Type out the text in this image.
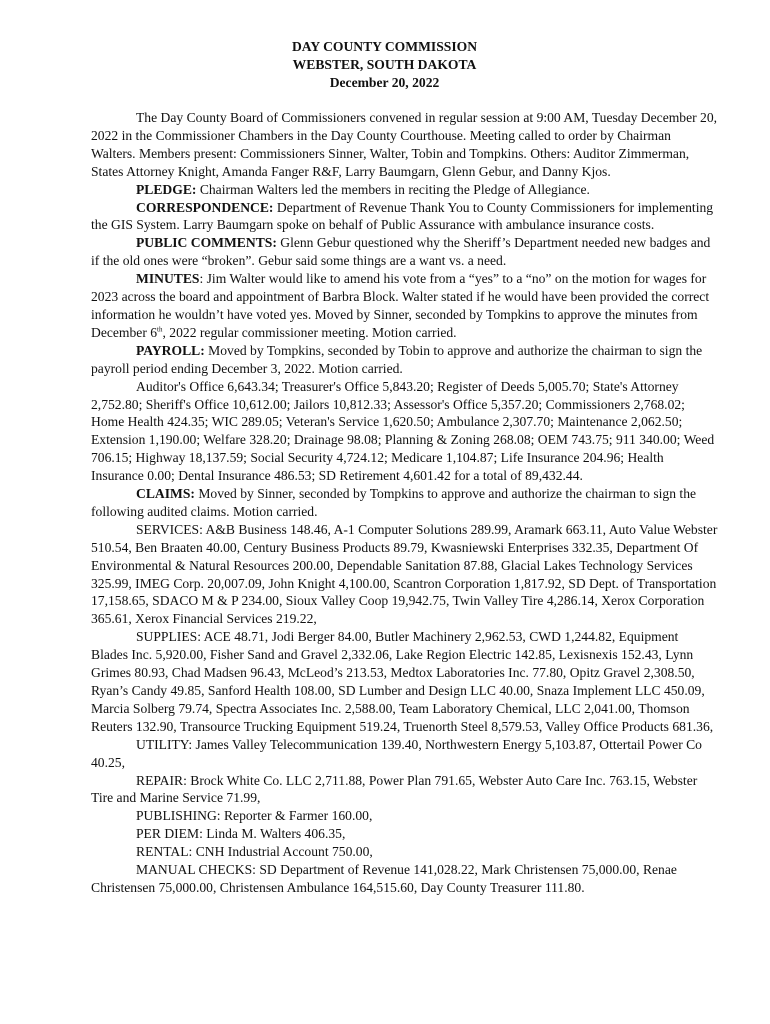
DAY COUNTY COMMISSION
WEBSTER, SOUTH DAKOTA
December 20, 2022

The Day County Board of Commissioners convened in regular session at 9:00 AM, Tuesday December 20, 2022 in the Commissioner Chambers in the Day County Courthouse. Meeting called to order by Chairman Walters. Members present: Commissioners Sinner, Walter, Tobin and Tompkins. Others: Auditor Zimmerman, States Attorney Knight, Amanda Fanger R&F, Larry Baumgarn, Glenn Gebur, and Danny Kjos.

PLEDGE: Chairman Walters led the members in reciting the Pledge of Allegiance.

CORRESPONDENCE: Department of Revenue Thank You to County Commissioners for implementing the GIS System. Larry Baumgarn spoke on behalf of Public Assurance with ambulance insurance costs.

PUBLIC COMMENTS: Glenn Gebur questioned why the Sheriff’s Department needed new badges and if the old ones were “broken”. Gebur said some things are a want vs. a need.

MINUTES: Jim Walter would like to amend his vote from a “yes” to a “no” on the motion for wages for 2023 across the board and appointment of Barbra Block. Walter stated if he would have been provided the correct information he wouldn’t have voted yes. Moved by Sinner, seconded by Tompkins to approve the minutes from December 6th, 2022 regular commissioner meeting. Motion carried.

PAYROLL: Moved by Tompkins, seconded by Tobin to approve and authorize the chairman to sign the payroll period ending December 3, 2022. Motion carried.

Auditor's Office 6,643.34; Treasurer's Office 5,843.20; Register of Deeds 5,005.70; State's Attorney 2,752.80; Sheriff's Office 10,612.00; Jailors 10,812.33; Assessor's Office 5,357.20; Commissioners 2,768.02; Home Health 424.35; WIC 289.05; Veteran's Service 1,620.50; Ambulance 2,307.70; Maintenance 2,062.50; Extension 1,190.00; Welfare 328.20; Drainage 98.08; Planning & Zoning 268.08; OEM 743.75; 911 340.00; Weed 706.15; Highway 18,137.59; Social Security 4,724.12; Medicare 1,104.87; Life Insurance 204.96; Health Insurance 0.00; Dental Insurance 486.53; SD Retirement 4,601.42 for a total of 89,432.44.

CLAIMS: Moved by Sinner, seconded by Tompkins to approve and authorize the chairman to sign the following audited claims. Motion carried.

SERVICES: A&B Business 148.46, A-1 Computer Solutions 289.99, Aramark 663.11, Auto Value Webster 510.54, Ben Braaten 40.00, Century Business Products 89.79, Kwasniewski Enterprises 332.35, Department Of Environmental & Natural Resources 200.00, Dependable Sanitation 87.88, Glacial Lakes Technology Services 325.99, IMEG Corp. 20,007.09, John Knight 4,100.00, Scantron Corporation 1,817.92, SD Dept. of Transportation 17,158.65, SDACO M & P 234.00, Sioux Valley Coop 19,942.75, Twin Valley Tire 4,286.14, Xerox Corporation 365.61, Xerox Financial Services 219.22,

SUPPLIES: ACE 48.71, Jodi Berger 84.00, Butler Machinery 2,962.53, CWD 1,244.82, Equipment Blades Inc. 5,920.00, Fisher Sand and Gravel 2,332.06, Lake Region Electric 142.85, Lexisnexis 152.43, Lynn Grimes 80.93, Chad Madsen 96.43, McLeod’s 213.53, Medtox Laboratories Inc. 77.80, Opitz Gravel 2,308.50, Ryan’s Candy 49.85, Sanford Health 108.00, SD Lumber and Design LLC 40.00, Snaza Implement LLC 450.09, Marcia Solberg 79.74, Spectra Associates Inc. 2,588.00, Team Laboratory Chemical, LLC 2,041.00, Thomson Reuters 132.90, Transource Trucking Equipment 519.24, Truenorth Steel 8,579.53, Valley Office Products 681.36,

UTILITY: James Valley Telecommunication 139.40, Northwestern Energy 5,103.87, Ottertail Power Co 40.25,

REPAIR: Brock White Co. LLC 2,711.88, Power Plan 791.65, Webster Auto Care Inc. 763.15, Webster Tire and Marine Service 71.99,

PUBLISHING: Reporter & Farmer 160.00,

PER DIEM: Linda M. Walters 406.35,

RENTAL: CNH Industrial Account 750.00,

MANUAL CHECKS: SD Department of Revenue 141,028.22, Mark Christensen 75,000.00, Renae Christensen 75,000.00, Christensen Ambulance 164,515.60, Day County Treasurer 111.80.
